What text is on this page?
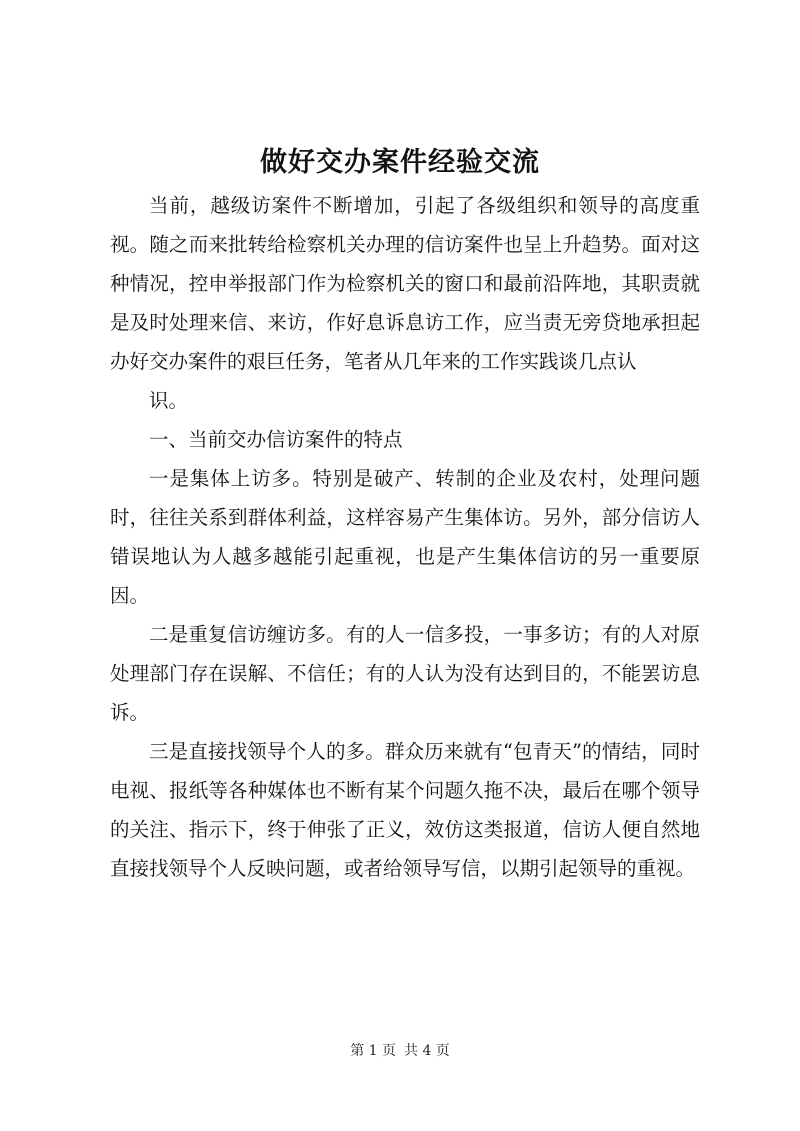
做好交办案件经验交流

当前，越级访案件不断增加，引起了各级组织和领导的高度重视。随之而来批转给检察机关办理的信访案件也呈上升趋势。面对这种情况，控申举报部门作为检察机关的窗口和最前沿阵地，其职责就是及时处理来信、来访，作好息诉息访工作，应当责无旁贷地承担起办好交办案件的艰巨任务，笔者从几年来的工作实践谈几点认

识。

一、当前交办信访案件的特点

一是集体上访多。特别是破产、转制的企业及农村，处理问题时，往往关系到群体利益，这样容易产生集体访。另外，部分信访人错误地认为人越多越能引起重视，也是产生集体信访的另一重要原因。

二是重复信访缠访多。有的人一信多投，一事多访；有的人对原处理部门存在误解、不信任；有的人认为没有达到目的，不能罢访息诉。

三是直接找领导个人的多。群众历来就有“包青天”的情结，同时电视、报纸等各种媒体也不断有某个问题久拖不决，最后在哪个领导的关注、指示下，终于伸张了正义，效仿这类报道，信访人便自然地直接找领导个人反映问题，或者给领导写信，以期引起领导的重视。

第 1 页 共 4 页
